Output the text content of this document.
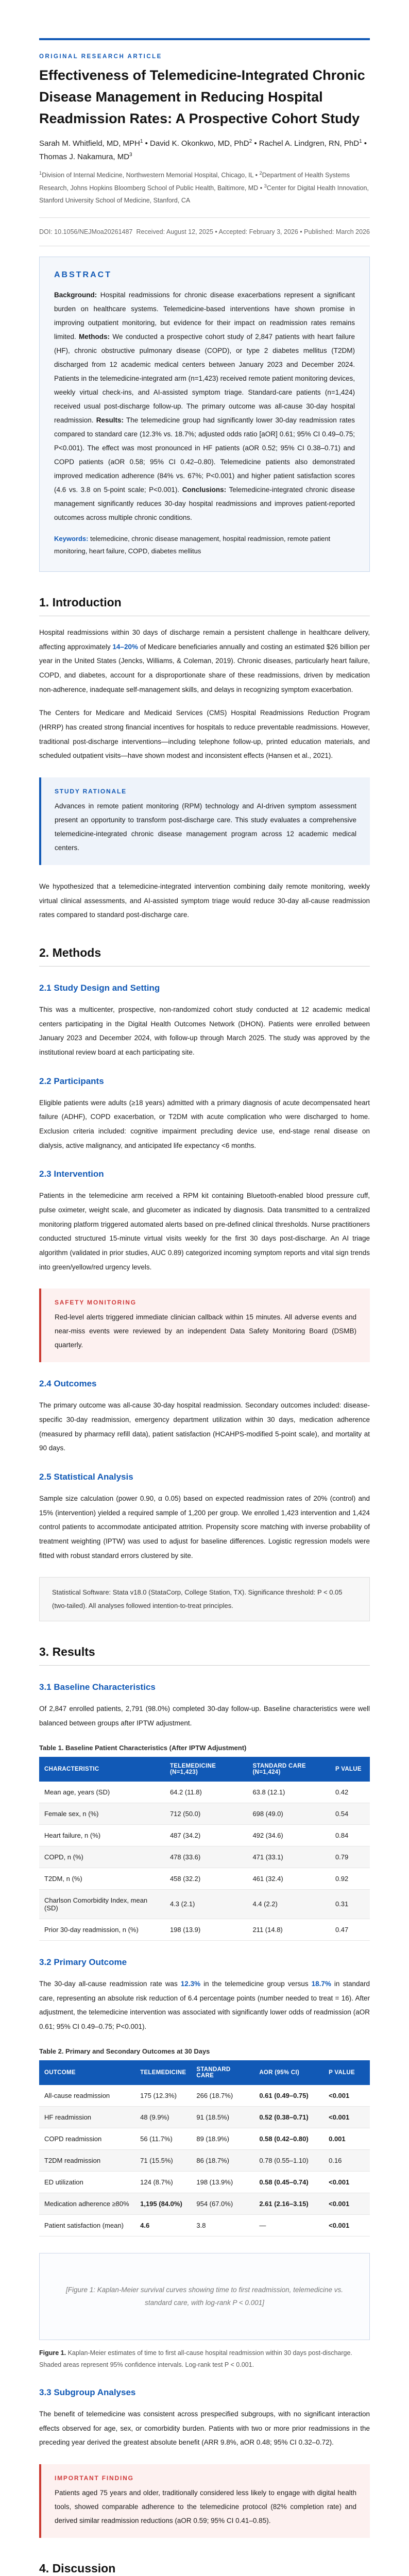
ORIGINAL RESEARCH ARTICLE
Effectiveness of Telemedicine-Integrated Chronic Disease Management in Reducing Hospital Readmission Rates: A Prospective Cohort Study

Sarah M. Whitfield, MD, MPH$^1$ • David K. Okonkwo, MD, PhD$^2$ • Rachel A. Lindgren, RN, PhD$^1$ • Thomas J. Nakamura, $MD^3$

$^1$Division of Internal Medicine, Northwestern Memorial Hospital, Chicago, IL • $^2$Department of Health Systems Research, Johns Hopkins Bloomberg School of Public Health, Baltimore, MD • $^3$Center for Digital Health Innovation, Stanford University School of Medicine, Stanford, CA

DOI: 10.1056/NEJMoa20261487 Received: August 12, 2025 • Accepted: February 3, 2026 • Published: March 2026
ABSTRACT

Background: Hospital readmissions for chronic disease exacerbations represent a significant burden on healthcare systems. Telemedicine-based interventions have shown promise in improving outpatient monitoring, but evidence for their impact on readmission rates remains limited. Methods: We conducted a prospective cohort study of 2,847 patients with heart failure (HF), chronic obstructive pulmonary disease (COPD), or type 2 diabetes mellitus (T2DM) discharged from 12 academic medical centers between January 2023 and December 2024. Patients in the telemedicine-integrated arm (n=1,423) received remote patient monitoring devices, weekly virtual check-ins, and AI-assisted symptom triage. Standard-care patients (n=1,424) received usual post-discharge follow-up. The primary outcome was all-cause 30-day hospital readmission. Results: The telemedicine group had significantly lower 30-day readmission rates compared to standard care (12.3% vs. 18.7%; adjusted odds ratio [aOR] 0.61; 95% CI 0.49–0.75; P<0.001). The effect was most pronounced in HF patients (aOR 0.52; 95% CI 0.38–0.71) and COPD patients (aOR 0.58; 95% CI 0.42–0.80). Telemedicine patients also demonstrated improved medication adherence (84% vs. 67%; P<0.001) and higher patient satisfaction scores (4.6 vs. 3.8 on 5-point scale; P<0.001). Conclusions: Telemedicine-integrated chronic disease management significantly reduces 30-day hospital readmissions and improves patient-reported outcomes across multiple chronic conditions.

Keywords: telemedicine, chronic disease management, hospital readmission, remote patient monitoring, heart failure, COPD, diabetes mellitus

1. Introduction

Hospital readmissions within 30 days of discharge remain a persistent challenge in healthcare delivery, affecting approximately 14–20% of Medicare beneficiaries annually and costing an estimated $26 billion per year in the United States (Jencks, Williams, & Coleman, 2019). Chronic diseases, particularly heart failure, COPD, and diabetes, account for a disproportionate share of these readmissions, driven by medication non-adherence, inadequate self-management skills, and delays in recognizing symptom exacerbation.

The Centers for Medicare and Medicaid Services (CMS) Hospital Readmissions Reduction Program (HRRP) has created strong financial incentives for hospitals to reduce preventable readmissions. However, traditional post-discharge interventions—including telephone follow-up, printed education materials, and scheduled outpatient visits—have shown modest and inconsistent effects (Hansen et al., 2021).

STUDY RATIONALE

Advances in remote patient monitoring (RPM) technology and AI-driven symptom assessment present an opportunity to transform post-discharge care. This study evaluates a comprehensive telemedicine-integrated chronic disease management program across 12 academic medical centers.

We hypothesized that a telemedicine-integrated intervention combining daily remote monitoring, weekly virtual clinical assessments, and AI-assisted symptom triage would reduce 30-day all-cause readmission rates compared to standard post-discharge care.

2. Methods
2.1 Study Design and Setting

This was a multicenter, prospective, non-randomized cohort study conducted at 12 academic medical centers participating in the Digital Health Outcomes Network (DHON). Patients were enrolled between January 2023 and December 2024, with follow-up through March 2025. The study was approved by the institutional review board at each participating site.

2.2 Participants

Eligible patients were adults (≥18 years) admitted with a primary diagnosis of acute decompensated heart failure (ADHF), COPD exacerbation, or T2DM with acute complication who were discharged to home. Exclusion criteria included: cognitive impairment precluding device use, end-stage renal disease on dialysis, active malignancy, and anticipated life expectancy <6 months.

2.3 Intervention

Patients in the telemedicine arm received a RPM kit containing Bluetooth-enabled blood pressure cuff, pulse oximeter, weight scale, and glucometer as indicated by diagnosis. Data transmitted to a centralized monitoring platform triggered automated alerts based on pre-defined clinical thresholds. Nurse practitioners conducted structured 15-minute virtual visits weekly for the first 30 days post-discharge. An AI triage algorithm (validated in prior studies, AUC 0.89) categorized incoming symptom reports and vital sign trends into green/yellow/red urgency levels.

SAFETY MONITORING

Red-level alerts triggered immediate clinician callback within 15 minutes. All adverse events and near-miss events were reviewed by an independent Data Safety Monitoring Board (DSMB) quarterly.

2.4 Outcomes

The primary outcome was all-cause 30-day hospital readmission. Secondary outcomes included: disease-specific 30-day readmission, emergency department utilization within 30 days, medication adherence (measured by pharmacy refill data), patient satisfaction (HCAHPS-modified 5-point scale), and mortality at 90 days.

2.5 Statistical Analysis

Sample size calculation (power 0.90, α 0.05) based on expected readmission rates of 20% (control) and 15% (intervention) yielded a required sample of 1,200 per group. We enrolled 1,423 intervention and 1,424 control patients to accommodate anticipated attrition. Propensity score matching with inverse probability of treatment weighting (IPTW) was used to adjust for baseline differences. Logistic regression models were fitted with robust standard errors clustered by site.

Statistical Software: Stata v18.0 (StataCorp, College Station, TX). Significance threshold: P < 0.05 (two-tailed). All analyses followed intention-to-treat principles.
3. Results
3.1 Baseline Characteristics

Of 2,847 enrolled patients, 2,791 (98.0%) completed 30-day follow-up. Baseline characteristics were well balanced between groups after IPTW adjustment.

Table 1. Baseline Patient Characteristics (After IPTW Adjustment)

CHARACTERISTIC	TELEMEDICINE (N=1,423)	STANDARD CARE (N=1,424)	P VALUE
Mean age, years (SD)	64.2 (11.8)	63.8 (12.1)	0.42
Female sex, n (%)	712 (50.0)	698 (49.0)	0.54
Heart failure, n (%)	487 (34.2)	492 (34.6)	0.84
COPD, n (%)	478 (33.6)	471 (33.1)	0.79
T2DM, n (%)	458 (32.2)	461 (32.4)	0.92
Charlson Comorbidity Index, mean (SD)	4.3 (2.1)	4.4 (2.2)	0.31
Prior 30-day readmission, n (%)	198 (13.9)	211 (14.8)	0.47
3.2 Primary Outcome

The 30-day all-cause readmission rate was 12.3% in the telemedicine group versus 18.7% in standard care, representing an absolute risk reduction of 6.4 percentage points (number needed to treat = 16). After adjustment, the telemedicine intervention was associated with significantly lower odds of readmission (aOR 0.61; 95% CI 0.49–0.75; P<0.001).

Table 2. Primary and Secondary Outcomes at 30 Days

OUTCOME	TELEMEDICINE	STANDARD CARE	AOR (95% CI)	P VALUE
All-cause readmission	175 (12.3%)	266 (18.7%)	0.61 (0.49–0.75)	<0.001
HF readmission	48 (9.9%)	91 (18.5%)	0.52 (0.38–0.71)	<0.001
COPD readmission	56 (11.7%)	89 (18.9%)	0.58 (0.42–0.80)	0.001
T2DM readmission	71 (15.5%)	86 (18.7%)	0.78 (0.55–1.10)	0.16
ED utilization	124 (8.7%)	198 (13.9%)	0.58 (0.45–0.74)	<0.001
Medication adherence ≥80%	1,195 (84.0%)	954 (67.0%)	2.61 (2.16–3.15)	<0.001
Patient satisfaction (mean)	4.6	3.8	—	<0.001

[Figure 1: Kaplan-Meier survival curves showing time to first readmission, telemedicine vs. standard care, with log-rank P < 0.001]

Figure 1. Kaplan-Meier estimates of time to first all-cause hospital readmission within 30 days post-discharge. Shaded areas represent 95% confidence intervals. Log-rank test P < 0.001.

3.3 Subgroup Analyses

The benefit of telemedicine was consistent across prespecified subgroups, with no significant interaction effects observed for age, sex, or comorbidity burden. Patients with two or more prior readmissions in the preceding year derived the greatest absolute benefit (ARR 9.8%, aOR 0.48; 95% CI 0.32–0.72).

IMPORTANT FINDING

Patients aged 75 years and older, traditionally considered less likely to engage with digital health tools, showed comparable adherence to the telemedicine protocol (82% completion rate) and derived similar readmission reductions (aOR 0.59; 95% CI 0.41–0.85).

4. Discussion
